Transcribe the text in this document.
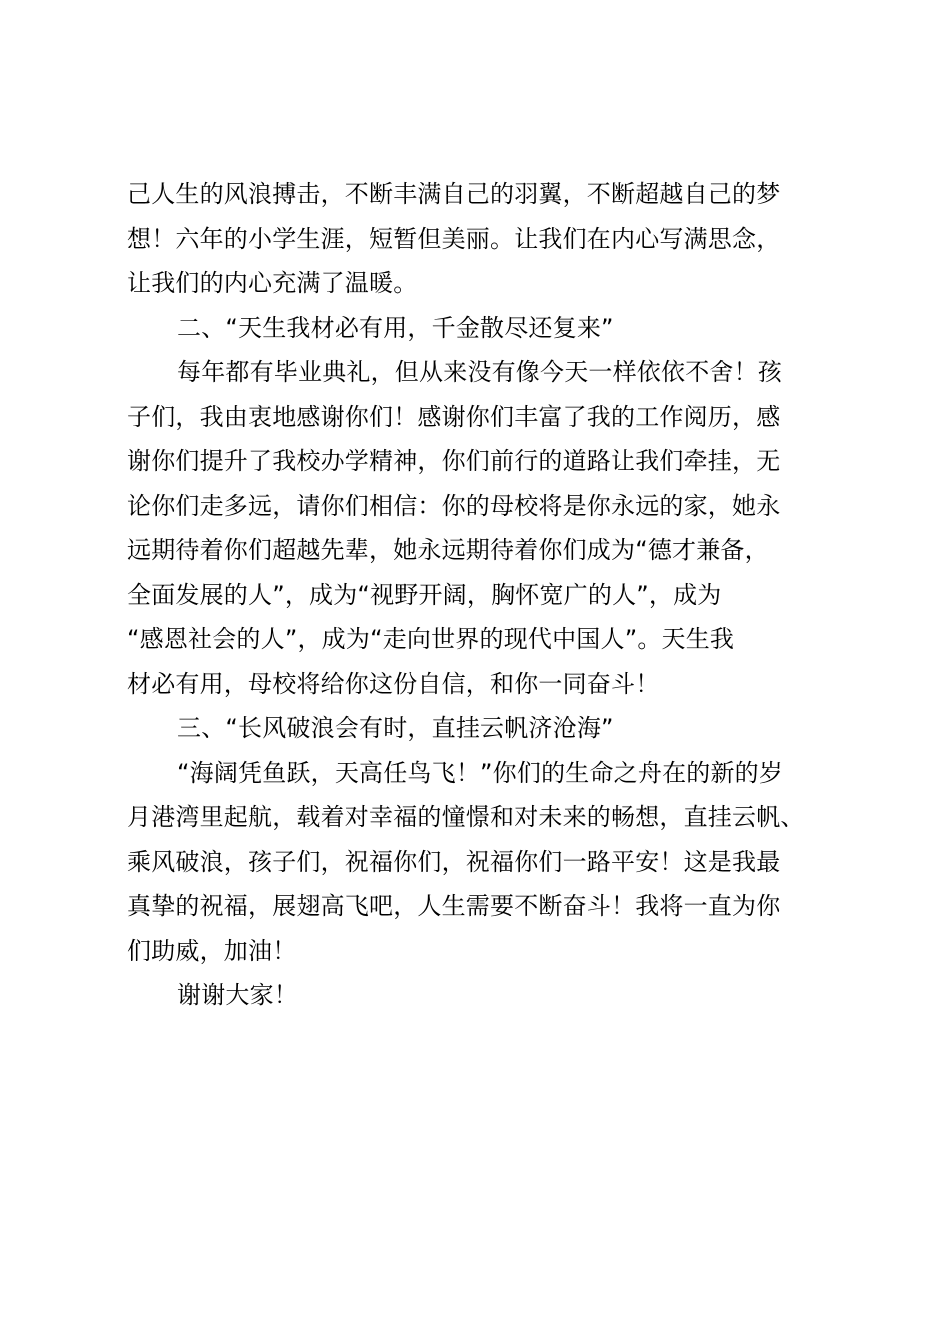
己人生的风浪搏击，不断丰满自己的羽翼，不断超越自己的梦
想！六年的小学生涯，短暂但美丽。让我们在内心写满思念，
让我们的内心充满了温暖。
二、“天生我材必有用，千金散尽还复来”
每年都有毕业典礼，但从来没有像今天一样依依不舍！孩
子们，我由衷地感谢你们！感谢你们丰富了我的工作阅历，感
谢你们提升了我校办学精神，你们前行的道路让我们牵挂，无
论你们走多远，请你们相信：你的母校将是你永远的家，她永
远期待着你们超越先辈，她永远期待着你们成为“德才兼备，
全面发展的人”，成为“视野开阔，胸怀宽广的人”，成为
“感恩社会的人”，成为“走向世界的现代中国人”。天生我
材必有用，母校将给你这份自信，和你一同奋斗！
三、“长风破浪会有时，直挂云帆济沧海”
“海阔凭鱼跃，天高任鸟飞！”你们的生命之舟在的新的岁
月港湾里起航，载着对幸福的憧憬和对未来的畅想，直挂云帆、
乘风破浪，孩子们，祝福你们，祝福你们一路平安！这是我最
真挚的祝福，展翅高飞吧，人生需要不断奋斗！我将一直为你
们助威，加油！
谢谢大家！
